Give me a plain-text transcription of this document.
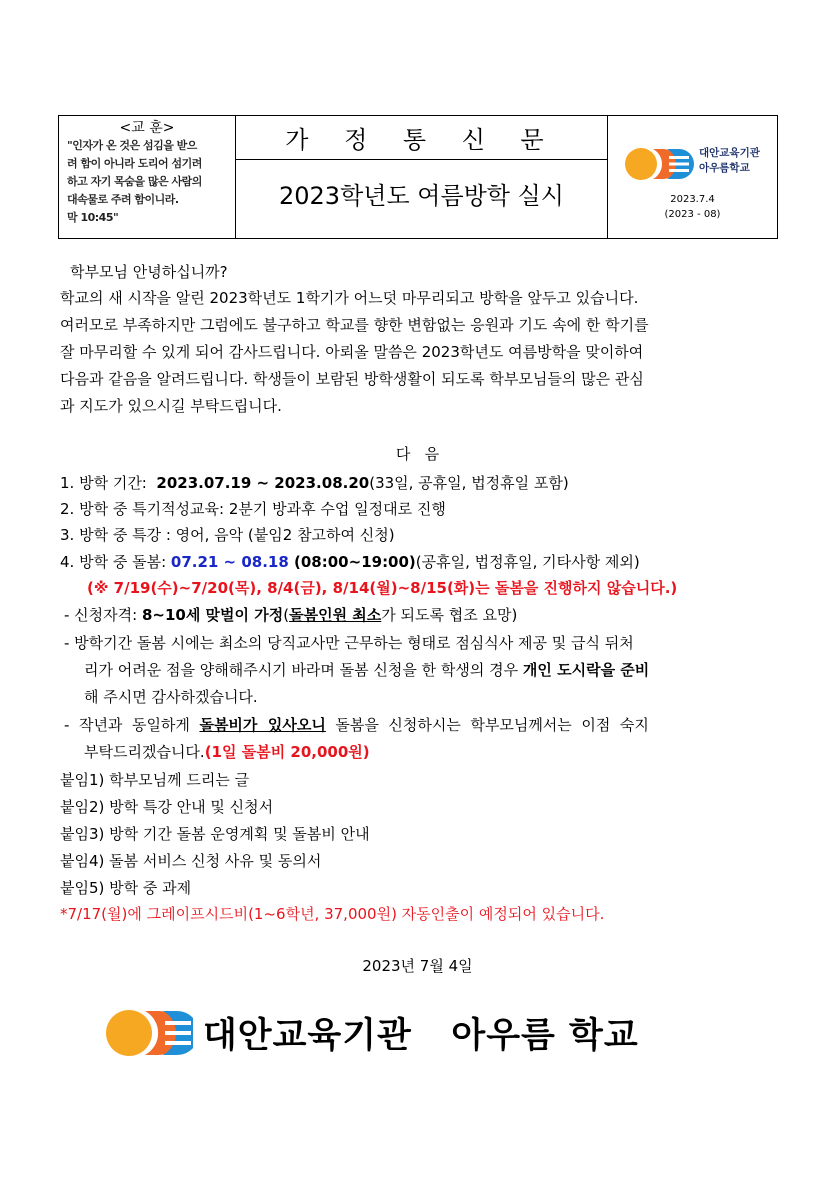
<교 훈>
"인자가 온 것은 섬김을 받으
려 함이 아니라 도리어 섬기려
하고 자기 목숨을 많은 사람의
대속물로 주려 함이니라.
막 10:45"
가 정 통 신 문
2023학년도 여름방학 실시
대안교육기관
아우름학교
2023.7.4
(2023 - 08)
학부모님 안녕하십니까?
학교의 새 시작을 알린 2023학년도 1학기가 어느덧 마무리되고 방학을 앞두고 있습니다.
여러모로 부족하지만 그럼에도 불구하고 학교를 향한 변함없는 응원과 기도 속에 한 학기를
잘 마무리할 수 있게 되어 감사드립니다. 아뢰올 말씀은 2023학년도 여름방학을 맞이하여
다음과 같음을 알려드립니다. 학생들이 보람된 방학생활이 되도록 학부모님들의 많은 관심
과 지도가 있으시길 부탁드립니다.
다   음
1. 방학 기간:  2023.07.19 ~ 2023.08.20(33일, 공휴일, 법정휴일 포함)
2. 방학 중 특기적성교육: 2분기 방과후 수업 일정대로 진행
3. 방학 중 특강 : 영어, 음악 (붙임2 참고하여 신청)
4. 방학 중 돌봄: 07.21 ~ 08.18 (08:00~19:00)(공휴일, 법정휴일, 기타사항 제외)
(※ 7/19(수)~7/20(목), 8/4(금), 8/14(월)~8/15(화)는 돌봄을 진행하지 않습니다.)
- 신청자격: 8~10세 맞벌이 가정(돌봄인원 최소가 되도록 협조 요망)
- 방학기간 돌봄 시에는 최소의 당직교사만 근무하는 형태로 점심식사 제공 및 급식 뒤처
리가 어려운 점을 양해해주시기 바라며 돌봄 신청을 한 학생의 경우 개인 도시락을 준비
해 주시면 감사하겠습니다.
-  작년과  동일하게  돌봄비가  있사오니  돌봄을  신청하시는  학부모님께서는  이점  숙지
부탁드리겠습니다.(1일 돌봄비 20,000원)
붙임1) 학부모님께 드리는 글
붙임2) 방학 특강 안내 및 신청서
붙임3) 방학 기간 돌봄 운영계획 및 돌봄비 안내
붙임4) 돌봄 서비스 신청 사유 및 동의서
붙임5) 방학 중 과제
*7/17(월)에 그레이프시드비(1~6학년, 37,000원) 자동인출이 예정되어 있습니다.
2023년 7월 4일
대안교육기관   아우름 학교
